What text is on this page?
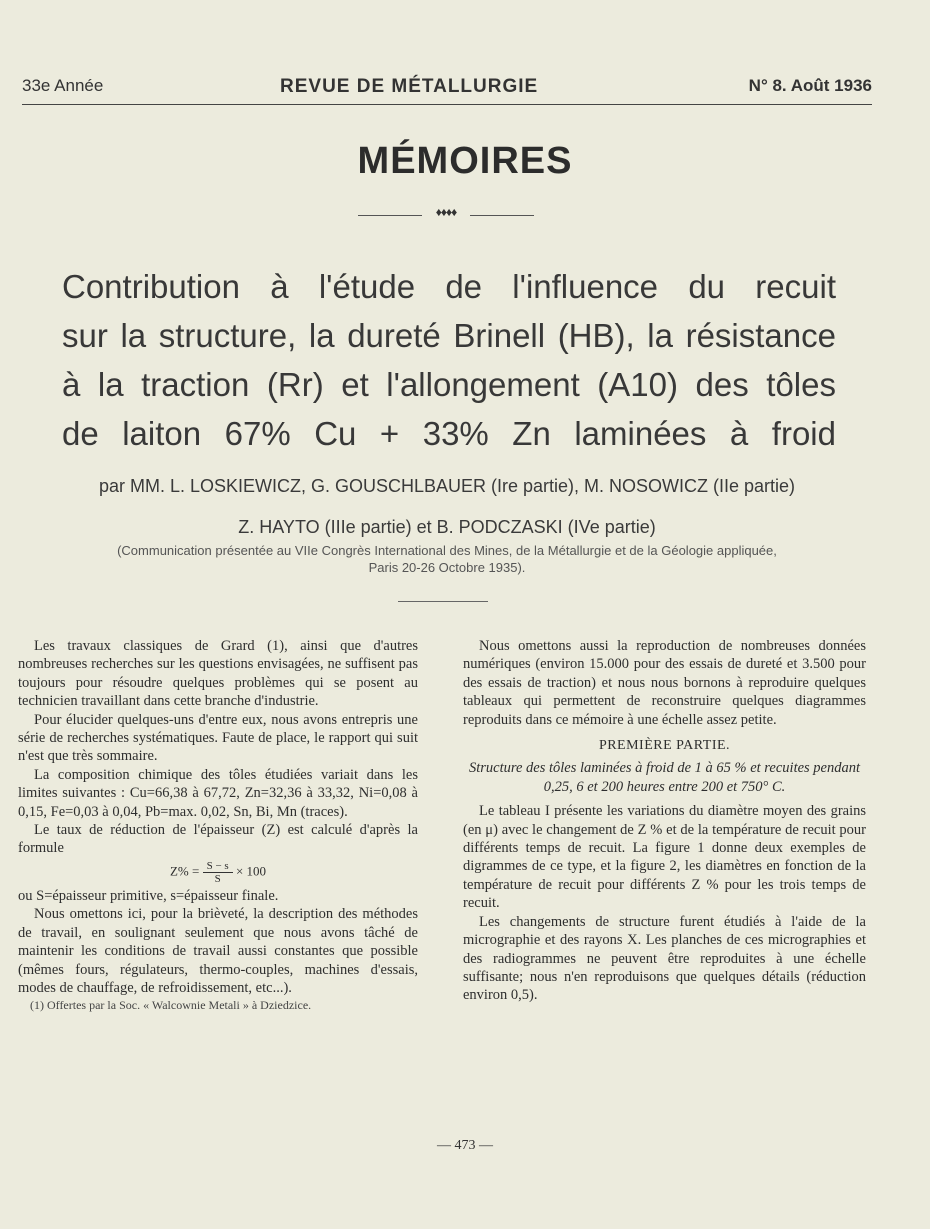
33e Année	REVUE DE MÉTALLURGIE	N° 8. Août 1936
MÉMOIRES
♦♦♦♦
Contribution à l'étude de l'influence du recuit
sur la structure, la dureté Brinell (HB), la résistance
à la traction (Rr) et l'allongement (A10) des tôles
de laiton 67% Cu + 33% Zn laminées à froid
par MM. L. LOSKIEWICZ, G. GOUSCHLBAUER (Ire partie), M. NOSOWICZ (IIe partie)
Z. HAYTO (IIIe partie) et B. PODCZASKI (IVe partie)
(Communication présentée au VIIe Congrès International des Mines, de la Métallurgie et de la Géologie appliquée,
Paris 20-26 Octobre 1935).

Les travaux classiques de Grard (1), ainsi que d'autres nombreuses recherches sur les questions envisagées, ne suffisent pas toujours pour résoudre quelques problèmes qui se posent au technicien travaillant dans cette branche d'industrie.

Pour élucider quelques-uns d'entre eux, nous avons entrepris une série de recherches systématiques. Faute de place, le rapport qui suit n'est que très sommaire.

La composition chimique des tôles étudiées variait dans les limites suivantes : Cu=66,38 à 67,72, Zn=32,36 à 33,32, Ni=0,08 à 0,15, Fe=0,03 à 0,04, Pb=max. 0,02, Sn, Bi, Mn (traces).

Le taux de réduction de l'épaisseur (Z) est calculé d'après la formule

$Z\% = \frac{S - s}{S} \times 100$

ou S=épaisseur primitive, s=épaisseur finale.

Nous omettons ici, pour la brièveté, la description des méthodes de travail, en soulignant seulement que nous avons tâché de maintenir les conditions de travail aussi constantes que possible (mêmes fours, régulateurs, thermo-couples, machines d'essais, modes de chauffage, de refroidissement, etc...).

(1) Offertes par la Soc. « Walcownie Metali » à Dziedzice.

Nous omettons aussi la reproduction de nombreuses données numériques (environ 15.000 pour des essais de dureté et 3.500 pour des essais de traction) et nous nous bornons à reproduire quelques tableaux qui permettent de reconstruire quelques diagrammes reproduits dans ce mémoire à une échelle assez petite.

PREMIÈRE PARTIE.
Structure des tôles laminées à froid de 1 à 65 % et recuites pendant 0,25, 6 et 200 heures entre 200 et 750° C.

Le tableau I présente les variations du diamètre moyen des grains (en μ) avec le changement de Z % et de la température de recuit pour différents temps de recuit. La figure 1 donne deux exemples de digrammes de ce type, et la figure 2, les diamètres en fonction de la température de recuit pour différents Z % pour les trois temps de recuit.

Les changements de structure furent étudiés à l'aide de la micrographie et des rayons X. Les planches de ces micrographies et des radiogrammes ne peuvent être reproduites à une échelle suffisante; nous n'en reproduisons que quelques détails (réduction environ 0,5).

— 473 —
